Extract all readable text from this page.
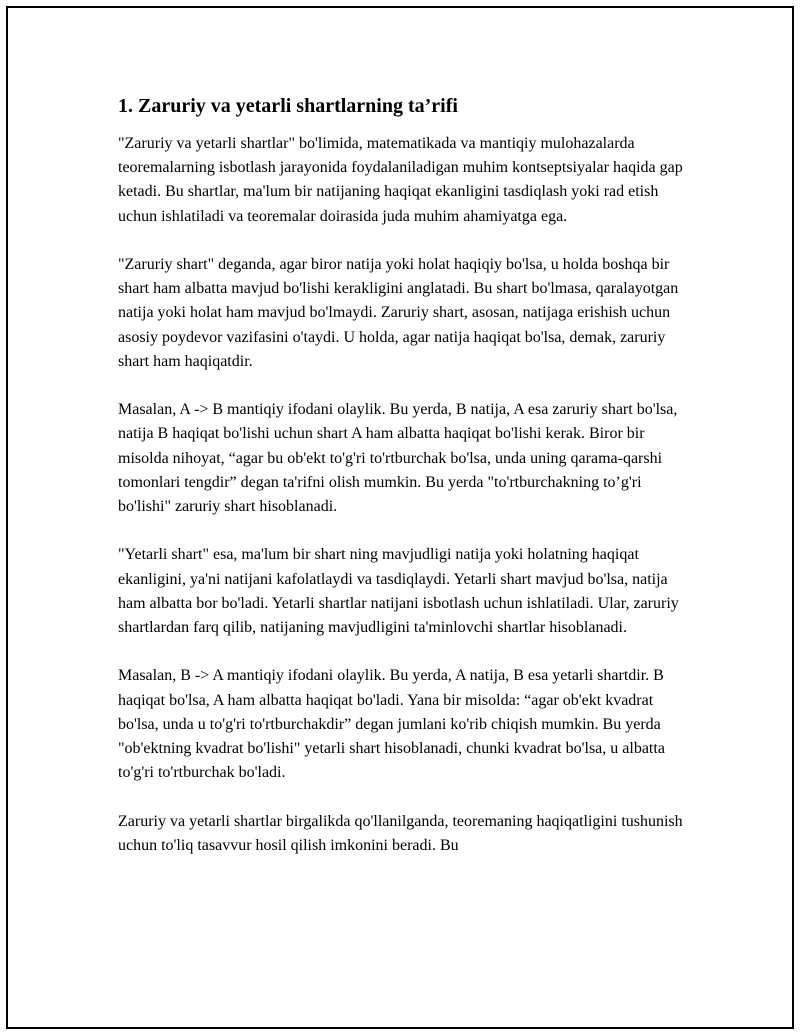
1. Zaruriy va yetarli shartlarning ta’rifi

"Zaruriy va yetarli shartlar" bo'limida, matematikada va mantiqiy mulohazalarda teoremalarning isbotlash jarayonida foydalaniladigan muhim kontseptsiyalar haqida gap ketadi. Bu shartlar, ma'lum bir natijaning haqiqat ekanligini tasdiqlash yoki rad etish uchun ishlatiladi va teoremalar doirasida juda muhim ahamiyatga ega.

"Zaruriy shart" deganda, agar biror natija yoki holat haqiqiy bo'lsa, u holda boshqa bir shart ham albatta mavjud bo'lishi kerakligini anglatadi. Bu shart bo'lmasa, qaralayotgan natija yoki holat ham mavjud bo'lmaydi. Zaruriy shart, asosan, natijaga erishish uchun asosiy poydevor vazifasini o'taydi. U holda, agar natija haqiqat bo'lsa, demak, zaruriy shart ham haqiqatdir.

Masalan, A -> B mantiqiy ifodani olaylik. Bu yerda, B natija, A esa zaruriy shart bo'lsa, natija B haqiqat bo'lishi uchun shart A ham albatta haqiqat bo'lishi kerak. Biror bir misolda nihoyat, “agar bu ob'ekt to'g'ri to'rtburchak bo'lsa, unda uning qarama-qarshi tomonlari tengdir” degan ta'rifni olish mumkin. Bu yerda "to'rtburchakning to’g'ri bo'lishi" zaruriy shart hisoblanadi.

"Yetarli shart" esa, ma'lum bir shart ning mavjudligi natija yoki holatning haqiqat ekanligini, ya'ni natijani kafolatlaydi va tasdiqlaydi. Yetarli shart mavjud bo'lsa, natija ham albatta bor bo'ladi. Yetarli shartlar natijani isbotlash uchun ishlatiladi. Ular, zaruriy shartlardan farq qilib, natijaning mavjudligini ta'minlovchi shartlar hisoblanadi.

Masalan, B -> A mantiqiy ifodani olaylik. Bu yerda, A natija, B esa yetarli shartdir. B haqiqat bo'lsa, A ham albatta haqiqat bo'ladi. Yana bir misolda: “agar ob'ekt kvadrat bo'lsa, unda u to'g'ri to'rtburchakdir” degan jumlani ko'rib chiqish mumkin. Bu yerda "ob'ektning kvadrat bo'lishi" yetarli shart hisoblanadi, chunki kvadrat bo'lsa, u albatta to'g'ri to'rtburchak bo'ladi.

Zaruriy va yetarli shartlar birgalikda qo'llanilganda, teoremaning haqiqatligini tushunish uchun to'liq tasavvur hosil qilish imkonini beradi. Bu
